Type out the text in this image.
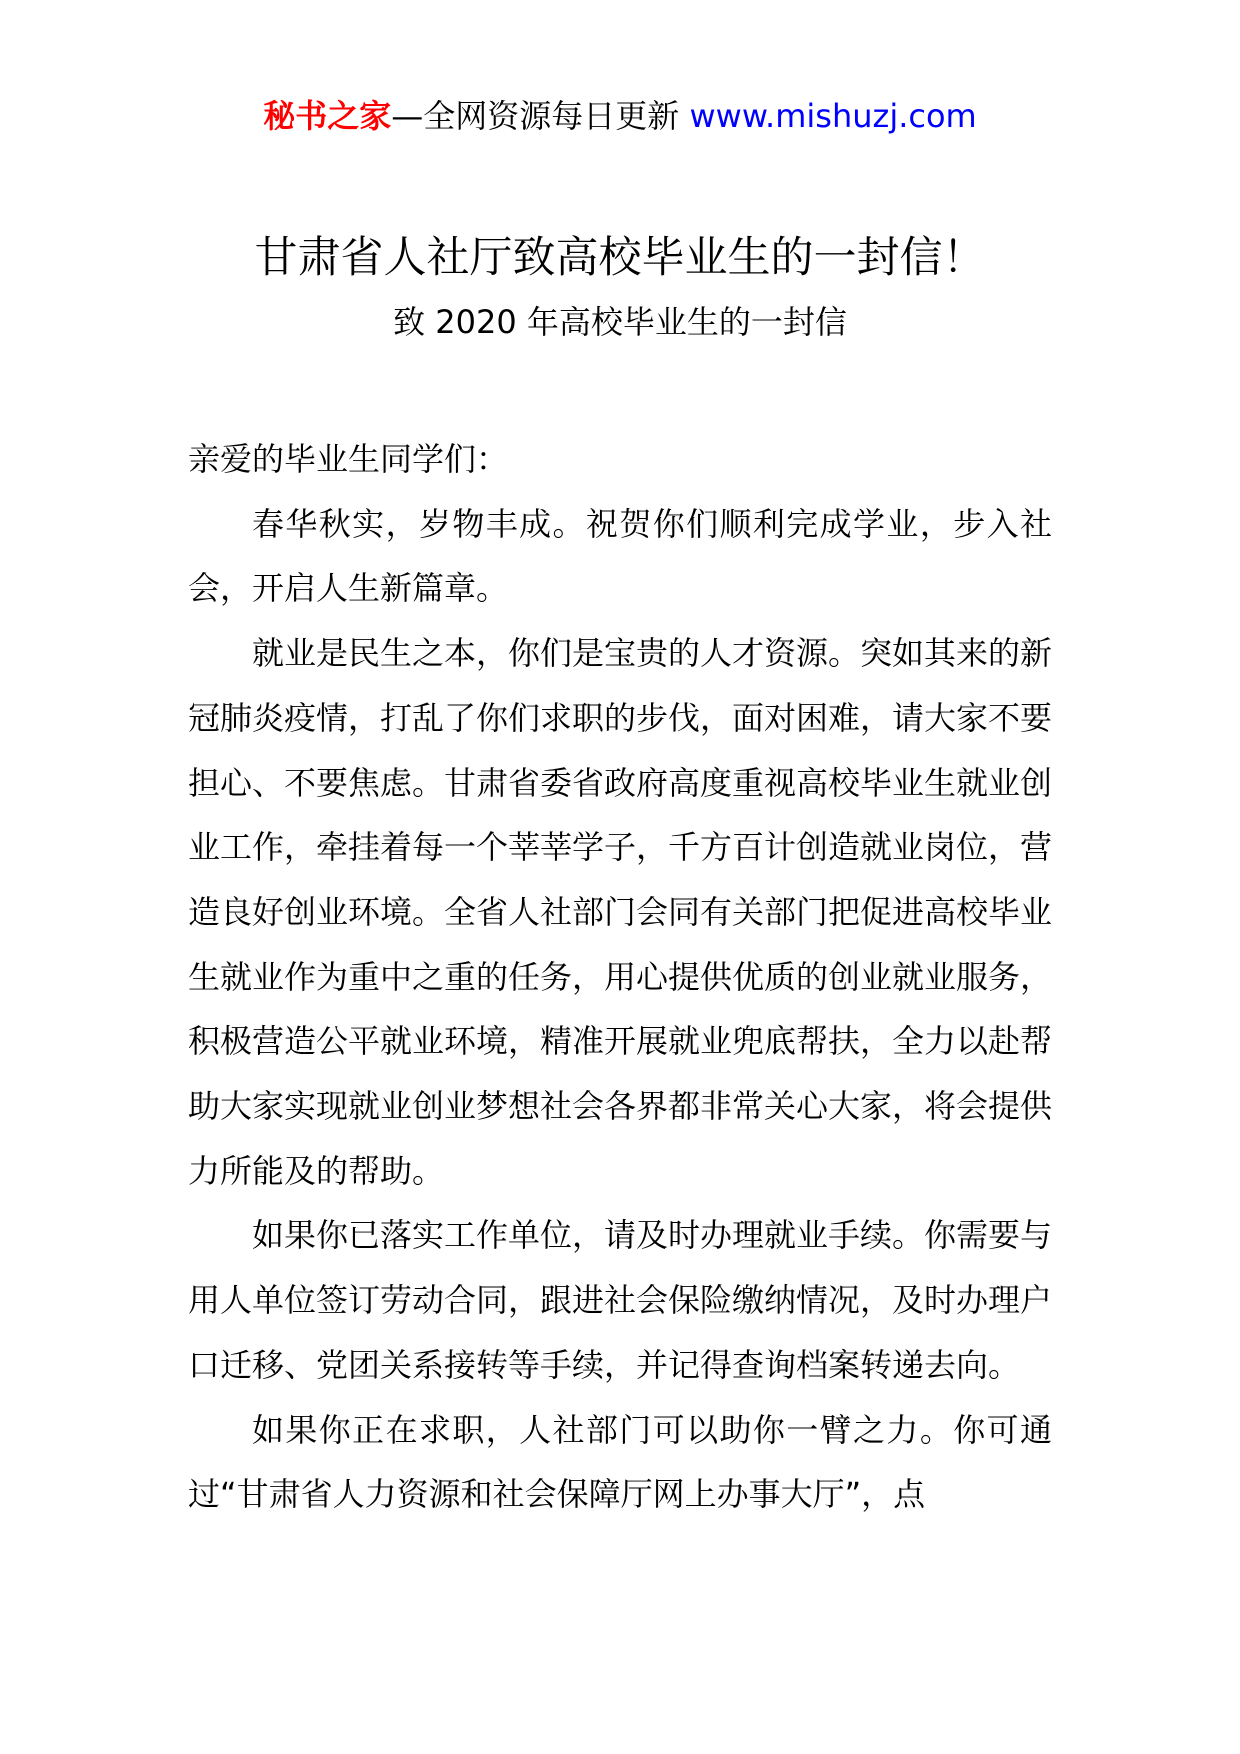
秘书之家—全网资源每日更新 www.mishuzj.com
甘肃省人社厅致高校毕业生的一封信！
致 2020 年高校毕业生的一封信

亲爱的毕业生同学们：

春华秋实，岁物丰成。祝贺你们顺利完成学业，步入社会，开启人生新篇章。

就业是民生之本，你们是宝贵的人才资源。突如其来的新冠肺炎疫情，打乱了你们求职的步伐，面对困难，请大家不要担心、不要焦虑。甘肃省委省政府高度重视高校毕业生就业创业工作，牵挂着每一个莘莘学子，千方百计创造就业岗位，营造良好创业环境。全省人社部门会同有关部门把促进高校毕业生就业作为重中之重的任务，用心提供优质的创业就业服务，积极营造公平就业环境，精准开展就业兜底帮扶，全力以赴帮助大家实现就业创业梦想社会各界都非常关心大家，将会提供力所能及的帮助。

如果你已落实工作单位，请及时办理就业手续。你需要与用人单位签订劳动合同，跟进社会保险缴纳情况，及时办理户口迁移、党团关系接转等手续，并记得查询档案转递去向。

如果你正在求职，人社部门可以助你一臂之力。你可通过“甘肃省人力资源和社会保障厅网上办事大厅”，点
